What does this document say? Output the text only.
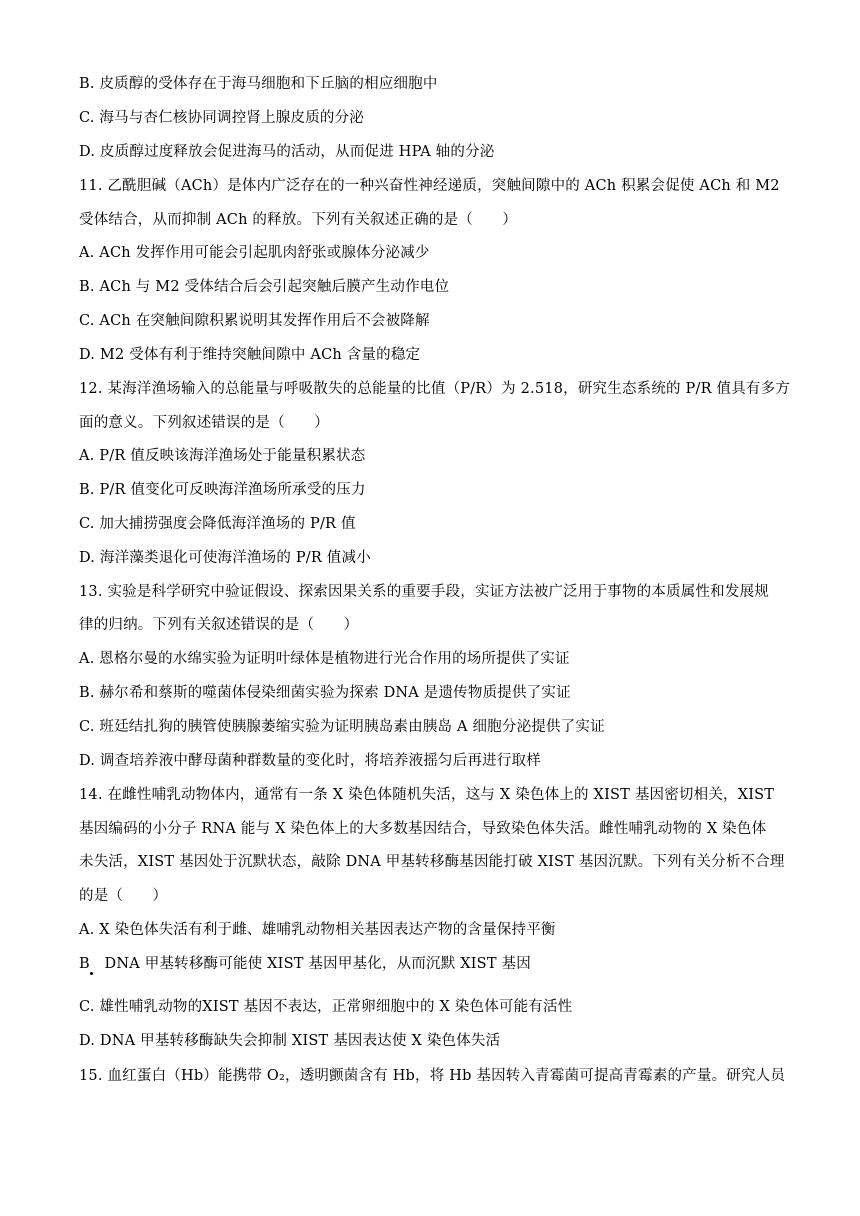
B. 皮质醇的受体存在于海马细胞和下丘脑的相应细胞中
C. 海马与杏仁核协同调控肾上腺皮质的分泌
D. 皮质醇过度释放会促进海马的活动，从而促进 HPA 轴的分泌
11. 乙酰胆碱（ACh）是体内广泛存在的一种兴奋性神经递质，突触间隙中的 ACh 积累会促使 ACh 和 M2
受体结合，从而抑制 ACh 的释放。下列有关叙述正确的是（　　）
A. ACh 发挥作用可能会引起肌肉舒张或腺体分泌减少
B. ACh 与 M2 受体结合后会引起突触后膜产生动作电位
C. ACh 在突触间隙积累说明其发挥作用后不会被降解
D. M2 受体有利于维持突触间隙中 ACh 含量的稳定
12. 某海洋渔场输入的总能量与呼吸散失的总能量的比值（P/R）为 2.518，研究生态系统的 P/R 值具有多方
面的意义。下列叙述错误的是（　　）
A. P/R 值反映该海洋渔场处于能量积累状态
B. P/R 值变化可反映海洋渔场所承受的压力
C. 加大捕捞强度会降低海洋渔场的 P/R 值
D. 海洋藻类退化可使海洋渔场的 P/R 值减小
13. 实验是科学研究中验证假设、探索因果关系的重要手段，实证方法被广泛用于事物的本质属性和发展规
律的归纳。下列有关叙述错误的是（　　）
A. 恩格尔曼的水绵实验为证明叶绿体是植物进行光合作用的场所提供了实证
B. 赫尔希和蔡斯的噬菌体侵染细菌实验为探索 DNA 是遗传物质提供了实证
C. 班廷结扎狗的胰管使胰腺萎缩实验为证明胰岛素由胰岛 A 细胞分泌提供了实证
D. 调查培养液中酵母菌种群数量的变化时，将培养液摇匀后再进行取样
14. 在雌性哺乳动物体内，通常有一条 X 染色体随机失活，这与 X 染色体上的 XIST 基因密切相关，XIST
基因编码的小分子 RNA 能与 X 染色体上的大多数基因结合，导致染色体失活。雌性哺乳动物的 X 染色体
未失活，XIST 基因处于沉默状态，敲除 DNA 甲基转移酶基因能打破 XIST 基因沉默。下列有关分析不合理
的是（　　）
A. X 染色体失活有利于雌、雄哺乳动物相关基因表达产物的含量保持平衡
B　DNA 甲基转移酶可能使 XIST 基因甲基化，从而沉默 XIST 基因
C. 雄性哺乳动物的XIST 基因不表达，正常卵细胞中的 X 染色体可能有活性
D. DNA 甲基转移酶缺失会抑制 XIST 基因表达使 X 染色体失活
15. 血红蛋白（Hb）能携带 O₂，透明颤菌含有 Hb，将 Hb 基因转入青霉菌可提高青霉素的产量。研究人员
